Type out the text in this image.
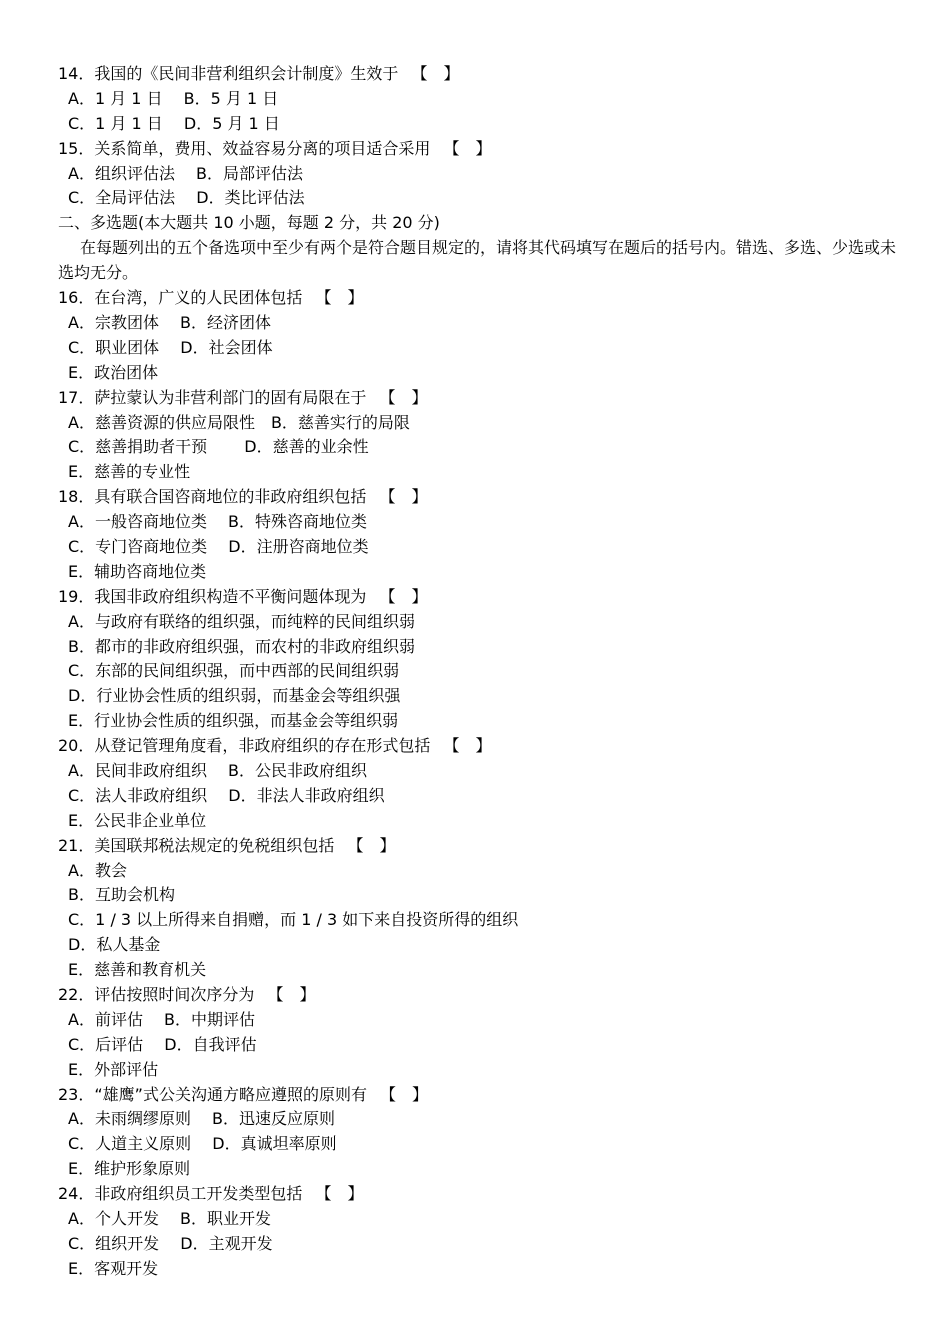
14．我国的《民间非营利组织会计制度》生效于 　【　】
A．1 月 1 日　 B．5 月 1 日
C．1 月 1 日　 D．5 月 1 日
15．关系简单，费用、效益容易分离的项目适合采用 　【　】
A．组织评估法　 B．局部评估法
C．全局评估法　 D．类比评估法
二、多选题(本大题共 10 小题，每题 2 分，共 20 分)
在每题列出的五个备选项中至少有两个是符合题目规定的，请将其代码填写在题后的括号内。错选、多选、少选或未选均无分。
16．在台湾，广义的人民团体包括 　【　】
A．宗教团体　 B．经济团体
C．职业团体　 D．社会团体
E．政治团体
17．萨拉蒙认为非营利部门的固有局限在于 　【　】
A．慈善资源的供应局限性　B．慈善实行的局限
C．慈善捐助者干预　　 D．慈善的业余性
E．慈善的专业性
18．具有联合国咨商地位的非政府组织包括 　【　】
A．一般咨商地位类　 B．特殊咨商地位类
C．专门咨商地位类　 D．注册咨商地位类
E．辅助咨商地位类
19．我国非政府组织构造不平衡问题体现为 　【　】
A．与政府有联络的组织强，而纯粹的民间组织弱
B．都市的非政府组织强，而农村的非政府组织弱
C．东部的民间组织强，而中西部的民间组织弱
D．行业协会性质的组织弱，而基金会等组织强
E．行业协会性质的组织强，而基金会等组织弱
20．从登记管理角度看，非政府组织的存在形式包括 　【　】
A．民间非政府组织　 B．公民非政府组织
C．法人非政府组织　 D．非法人非政府组织
E．公民非企业单位
21．美国联邦税法规定的免税组织包括 　【　】
A．教会
B．互助会机构
C．1 / 3 以上所得来自捐赠，而 1 / 3 如下来自投资所得的组织
D．私人基金
E．慈善和教育机关
22．评估按照时间次序分为 　【　】
A．前评估　 B．中期评估
C．后评估　 D．自我评估
E．外部评估
23．“雄鹰”式公关沟通方略应遵照的原则有 　【　】
A．未雨绸缪原则　 B．迅速反应原则
C．人道主义原则　 D．真诚坦率原则
E．维护形象原则
24．非政府组织员工开发类型包括 　【　】
A．个人开发　 B．职业开发
C．组织开发　 D．主观开发
E．客观开发
